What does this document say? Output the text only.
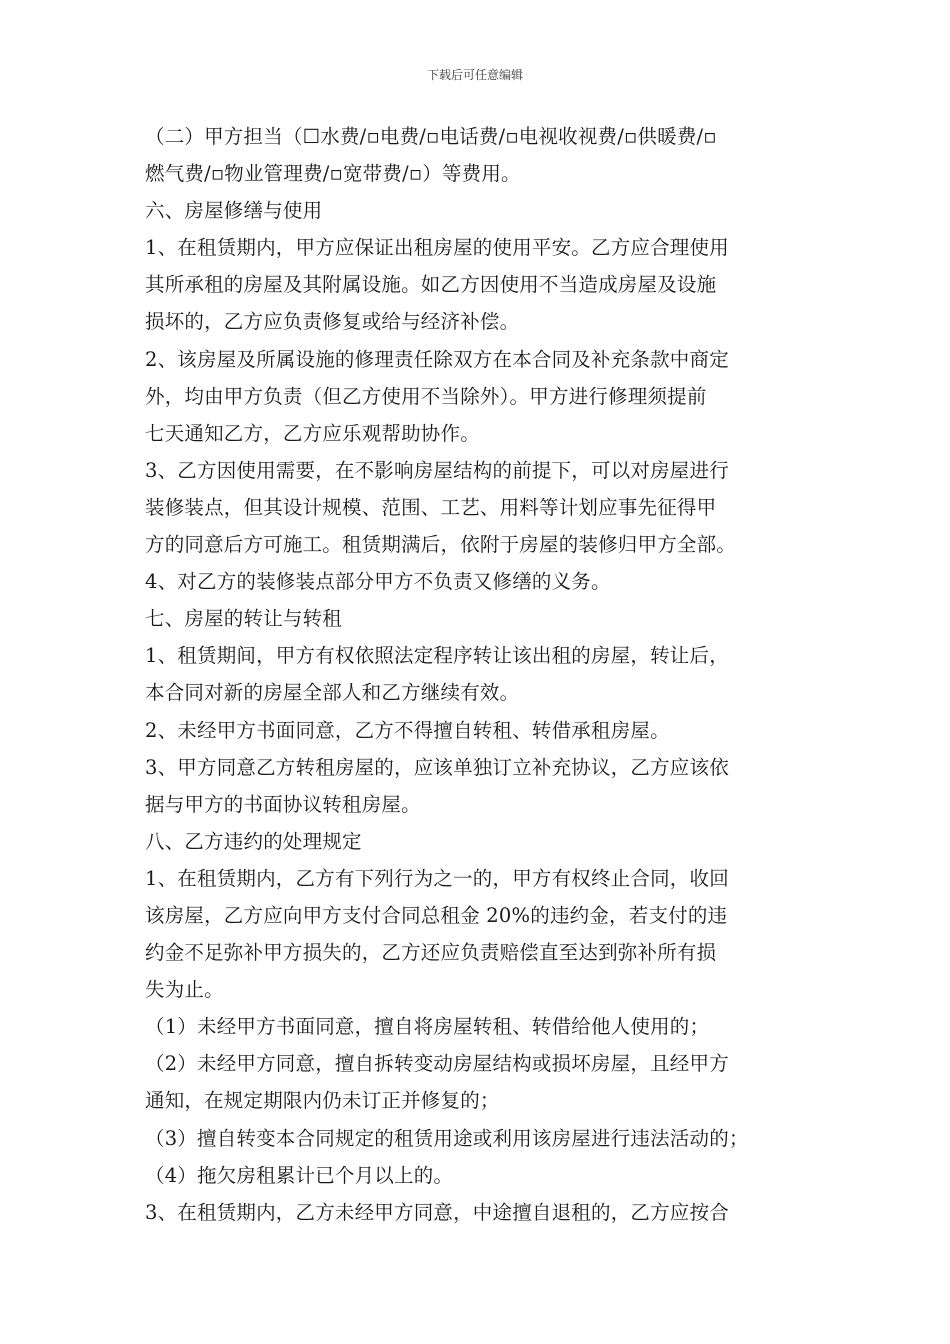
下载后可任意编辑
（二）甲方担当（☐水费/▫电费/▫电话费/▫电视收视费/▫供暖费/▫
燃气费/▫物业管理费/▫宽带费/▫）等费用。
六、房屋修缮与使用
1、在租赁期内，甲方应保证出租房屋的使用平安。乙方应合理使用
其所承租的房屋及其附属设施。如乙方因使用不当造成房屋及设施
损坏的，乙方应负责修复或给与经济补偿。
2、该房屋及所属设施的修理责任除双方在本合同及补充条款中商定
外，均由甲方负责（但乙方使用不当除外）。甲方进行修理须提前
七天通知乙方，乙方应乐观帮助协作。
3、乙方因使用需要，在不影响房屋结构的前提下，可以对房屋进行
装修装点，但其设计规模、范围、工艺、用料等计划应事先征得甲
方的同意后方可施工。租赁期满后，依附于房屋的装修归甲方全部。
4、对乙方的装修装点部分甲方不负责又修缮的义务。
七、房屋的转让与转租
1、租赁期间，甲方有权依照法定程序转让该出租的房屋，转让后，
本合同对新的房屋全部人和乙方继续有效。
2、未经甲方书面同意，乙方不得擅自转租、转借承租房屋。
3、甲方同意乙方转租房屋的，应该单独订立补充协议，乙方应该依
据与甲方的书面协议转租房屋。
八、乙方违约的处理规定
1、在租赁期内，乙方有下列行为之一的，甲方有权终止合同，收回
该房屋，乙方应向甲方支付合同总租金 20%的违约金，若支付的违
约金不足弥补甲方损失的，乙方还应负责赔偿直至达到弥补所有损
失为止。
（1）未经甲方书面同意，擅自将房屋转租、转借给他人使用的；
（2）未经甲方同意，擅自拆转变动房屋结构或损坏房屋，且经甲方
通知，在规定期限内仍未订正并修复的；
（3）擅自转变本合同规定的租赁用途或利用该房屋进行违法活动的；
（4）拖欠房租累计已个月以上的。
3、在租赁期内，乙方未经甲方同意，中途擅自退租的，乙方应按合
